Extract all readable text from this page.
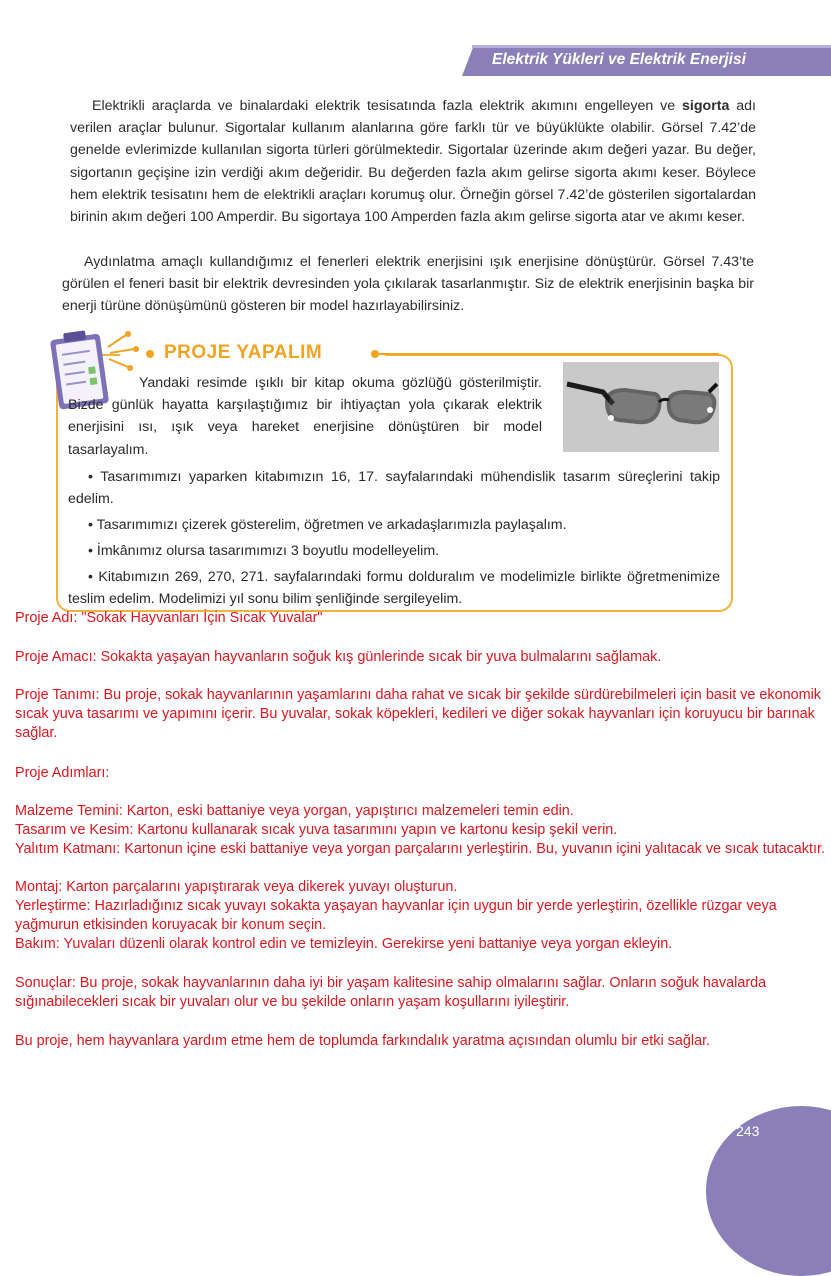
Elektrik Yükleri ve Elektrik Enerjisi

Elektrikli araçlarda ve binalardaki elektrik tesisatında fazla elektrik akımını engelleyen ve sigorta adı verilen araçlar bulunur. Sigortalar kullanım alanlarına göre farklı tür ve büyüklükte olabilir. Görsel 7.42’de genelde evlerimizde kullanılan sigorta türleri görülmektedir. Sigortalar üzerinde akım değeri yazar. Bu değer, sigortanın geçişine izin verdiği akım değeridir. Bu değerden fazla akım gelirse sigorta akımı keser. Böylece hem elektrik tesisatını hem de elektrikli araçları korumuş olur. Örneğin görsel 7.42’de gösterilen sigortalardan birinin akım değeri 100 Amperdir. Bu sigortaya 100 Amperden fazla akım gelirse sigorta atar ve akımı keser.

Aydınlatma amaçlı kullandığımız el fenerleri elektrik enerjisini ışık enerjisine dönüştürür. Görsel 7.43’te görülen el feneri basit bir elektrik devresinden yola çıkılarak tasarlanmıştır. Siz de elektrik enerjisinin başka bir enerji türüne dönüşümünü gösteren bir model hazırlayabilirsiniz.

PROJE YAPALIM

Yandaki resimde ışıklı bir kitap okuma gözlüğü gösterilmiştir. Bizde günlük hayatta karşılaştığımız bir ihtiyaçtan yola çıkarak elektrik enerjisini ısı, ışık veya hareket enerjisine dönüştüren bir model tasarlayalım.

• Tasarımımızı yaparken kitabımızın 16, 17. sayfalarındaki mühendislik tasarım süreçlerini takip edelim.

• Tasarımımızı çizerek gösterelim, öğretmen ve arkadaşlarımızla paylaşalım.

• İmkânımız olursa tasarımımızı 3 boyutlu modelleyelim.

• Kitabımızın 269, 270, 271. sayfalarındaki formu dolduralım ve modelimizle birlikte öğretmenimize teslim edelim. Modelimizi yıl sonu bilim şenliğinde sergileyelim.

Proje Adı: "Sokak Hayvanları İçin Sıcak Yuvalar"

Proje Amacı: Sokakta yaşayan hayvanların soğuk kış günlerinde sıcak bir yuva bulmalarını sağlamak.

Proje Tanımı: Bu proje, sokak hayvanlarının yaşamlarını daha rahat ve sıcak bir şekilde sürdürebilmeleri için basit ve ekonomik sıcak yuva tasarımı ve yapımını içerir. Bu yuvalar, sokak köpekleri, kedileri ve diğer sokak hayvanları için koruyucu bir barınak sağlar.

Proje Adımları:

Malzeme Temini: Karton, eski battaniye veya yorgan, yapıştırıcı malzemeleri temin edin.

Tasarım ve Kesim: Kartonu kullanarak sıcak yuva tasarımını yapın ve kartonu kesip şekil verin.

Yalıtım Katmanı: Kartonun içine eski battaniye veya yorgan parçalarını yerleştirin. Bu, yuvanın içini yalıtacak ve sıcak tutacaktır.

Montaj: Karton parçalarını yapıştırarak veya dikerek yuvayı oluşturun.

Yerleştirme: Hazırladığınız sıcak yuvayı sokakta yaşayan hayvanlar için uygun bir yerde yerleştirin, özellikle rüzgar veya yağmurun etkisinden koruyacak bir konum seçin.

Bakım: Yuvaları düzenli olarak kontrol edin ve temizleyin. Gerekirse yeni battaniye veya yorgan ekleyin.

Sonuçlar: Bu proje, sokak hayvanlarının daha iyi bir yaşam kalitesine sahip olmalarını sağlar. Onların soğuk havalarda sığınabilecekleri sıcak bir yuvaları olur ve bu şekilde onların yaşam koşullarını iyileştirir.

Bu proje, hem hayvanlara yardım etme hem de toplumda farkındalık yaratma açısından olumlu bir etki sağlar.

243
